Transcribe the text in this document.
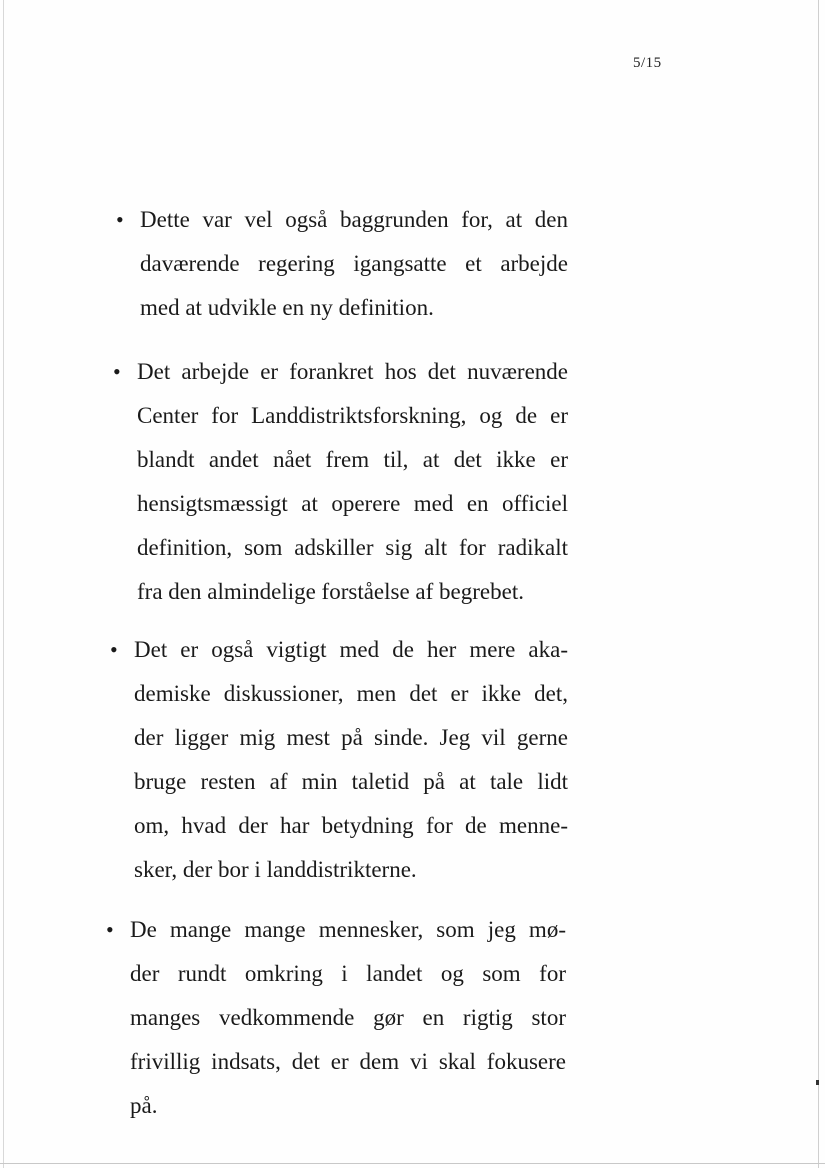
5/15
• Dette var vel også baggrunden for, at den
daværende regering igangsatte et arbejde
med at udvikle en ny definition.

• Det arbejde er forankret hos det nuværende
Center for Landdistriktsforskning, og de er
blandt andet nået frem til, at det ikke er
hensigtsmæssigt at operere med en officiel
definition, som adskiller sig alt for radikalt
fra den almindelige forståelse af begrebet.

• Det er også vigtigt med de her mere aka-
demiske diskussioner, men det er ikke det,
der ligger mig mest på sinde. Jeg vil gerne
bruge resten af min taletid på at tale lidt
om, hvad der har betydning for de menne-
sker, der bor i landdistrikterne.

• De mange mange mennesker, som jeg mø-
der rundt omkring i landet og som for
manges vedkommende gør en rigtig stor
frivillig indsats, det er dem vi skal fokusere
på.
